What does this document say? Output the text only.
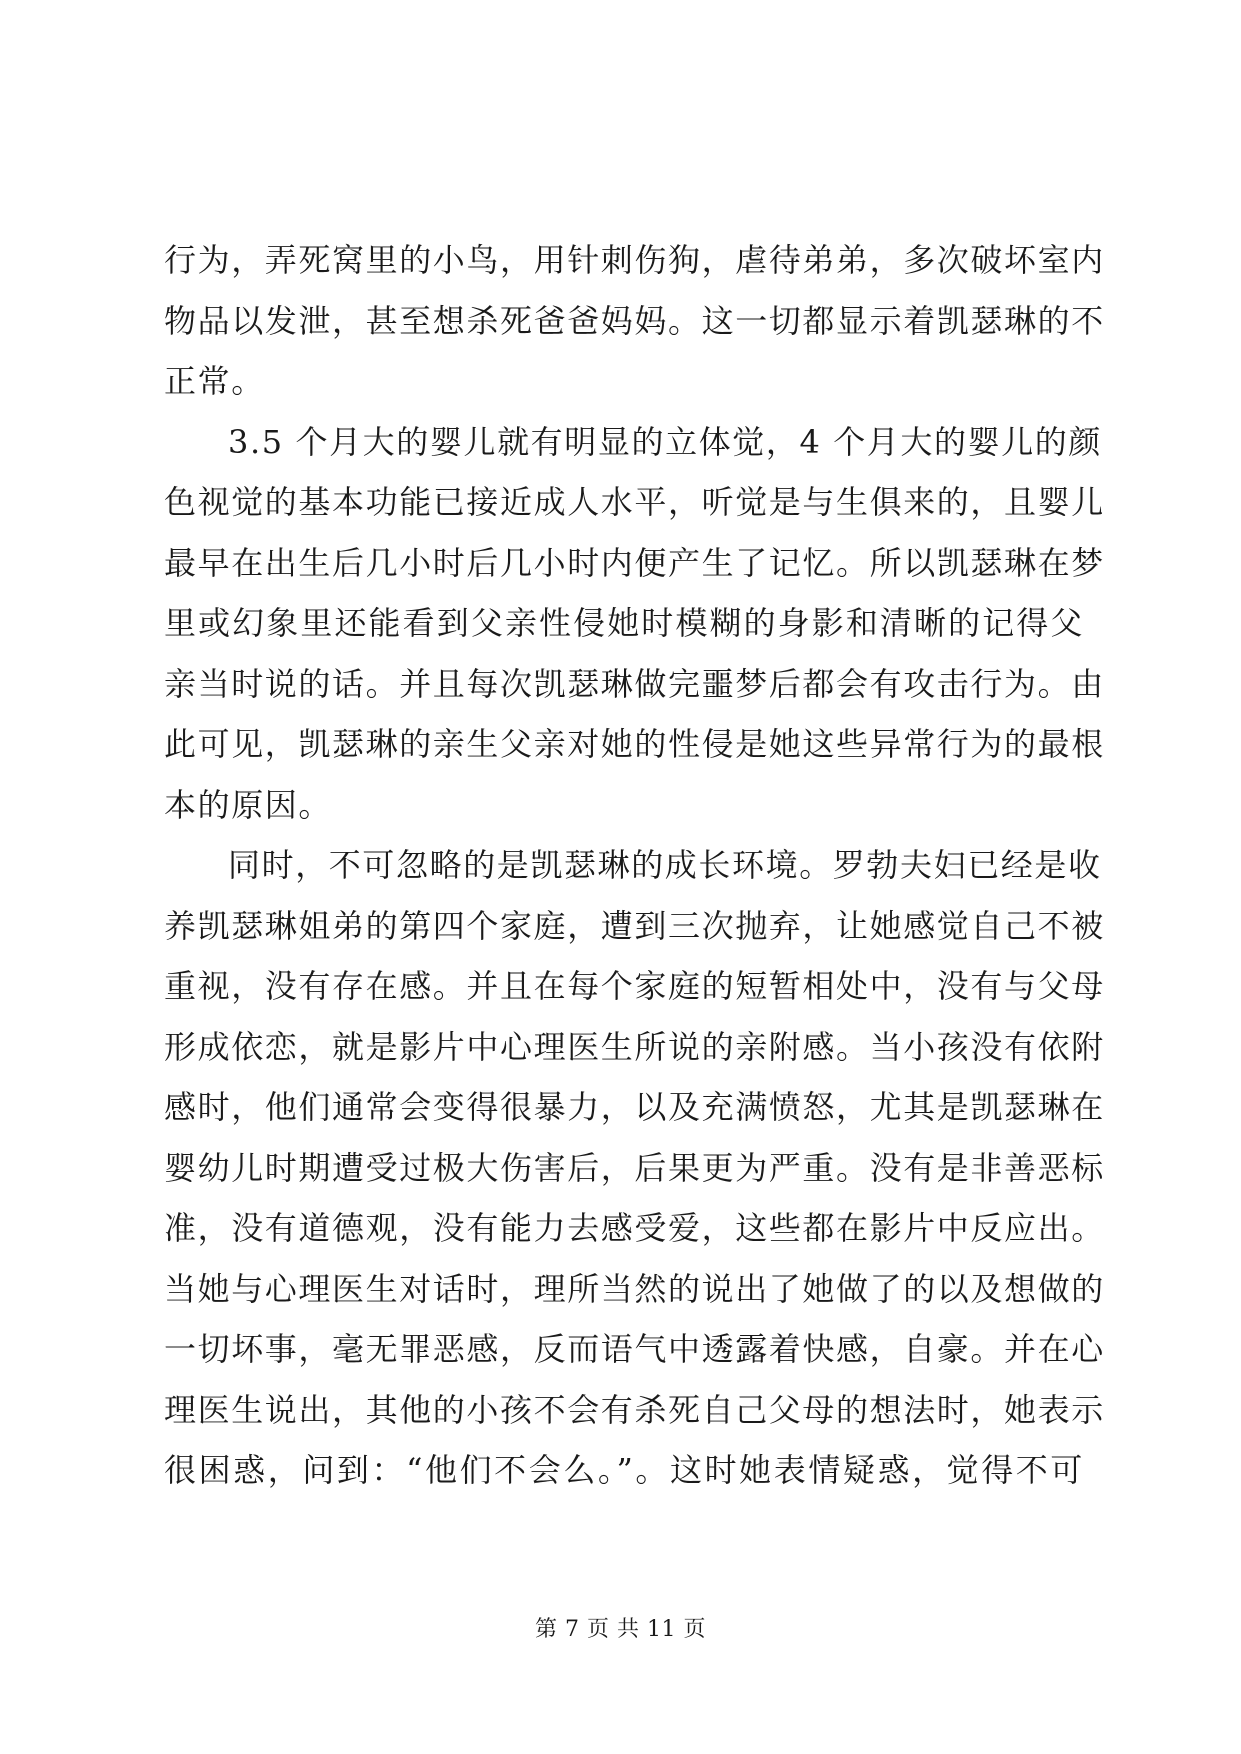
行为，弄死窝里的小鸟，用针刺伤狗，虐待弟弟，多次破坏室内
物品以发泄，甚至想杀死爸爸妈妈。这一切都显示着凯瑟琳的不
正常。
3.5 个月大的婴儿就有明显的立体觉，4 个月大的婴儿的颜
色视觉的基本功能已接近成人水平，听觉是与生俱来的，且婴儿
最早在出生后几小时后几小时内便产生了记忆。所以凯瑟琳在梦
里或幻象里还能看到父亲性侵她时模糊的身影和清晰的记得父
亲当时说的话。并且每次凯瑟琳做完噩梦后都会有攻击行为。由
此可见，凯瑟琳的亲生父亲对她的性侵是她这些异常行为的最根
本的原因。
同时，不可忽略的是凯瑟琳的成长环境。罗勃夫妇已经是收
养凯瑟琳姐弟的第四个家庭，遭到三次抛弃，让她感觉自己不被
重视，没有存在感。并且在每个家庭的短暂相处中，没有与父母
形成依恋，就是影片中心理医生所说的亲附感。当小孩没有依附
感时，他们通常会变得很暴力，以及充满愤怒，尤其是凯瑟琳在
婴幼儿时期遭受过极大伤害后，后果更为严重。没有是非善恶标
准，没有道德观，没有能力去感受爱，这些都在影片中反应出。
当她与心理医生对话时，理所当然的说出了她做了的以及想做的
一切坏事，毫无罪恶感，反而语气中透露着快感，自豪。并在心
理医生说出，其他的小孩不会有杀死自己父母的想法时，她表示
很困惑，问到：“他们不会么。”。这时她表情疑惑，觉得不可
第 7 页 共 11 页
